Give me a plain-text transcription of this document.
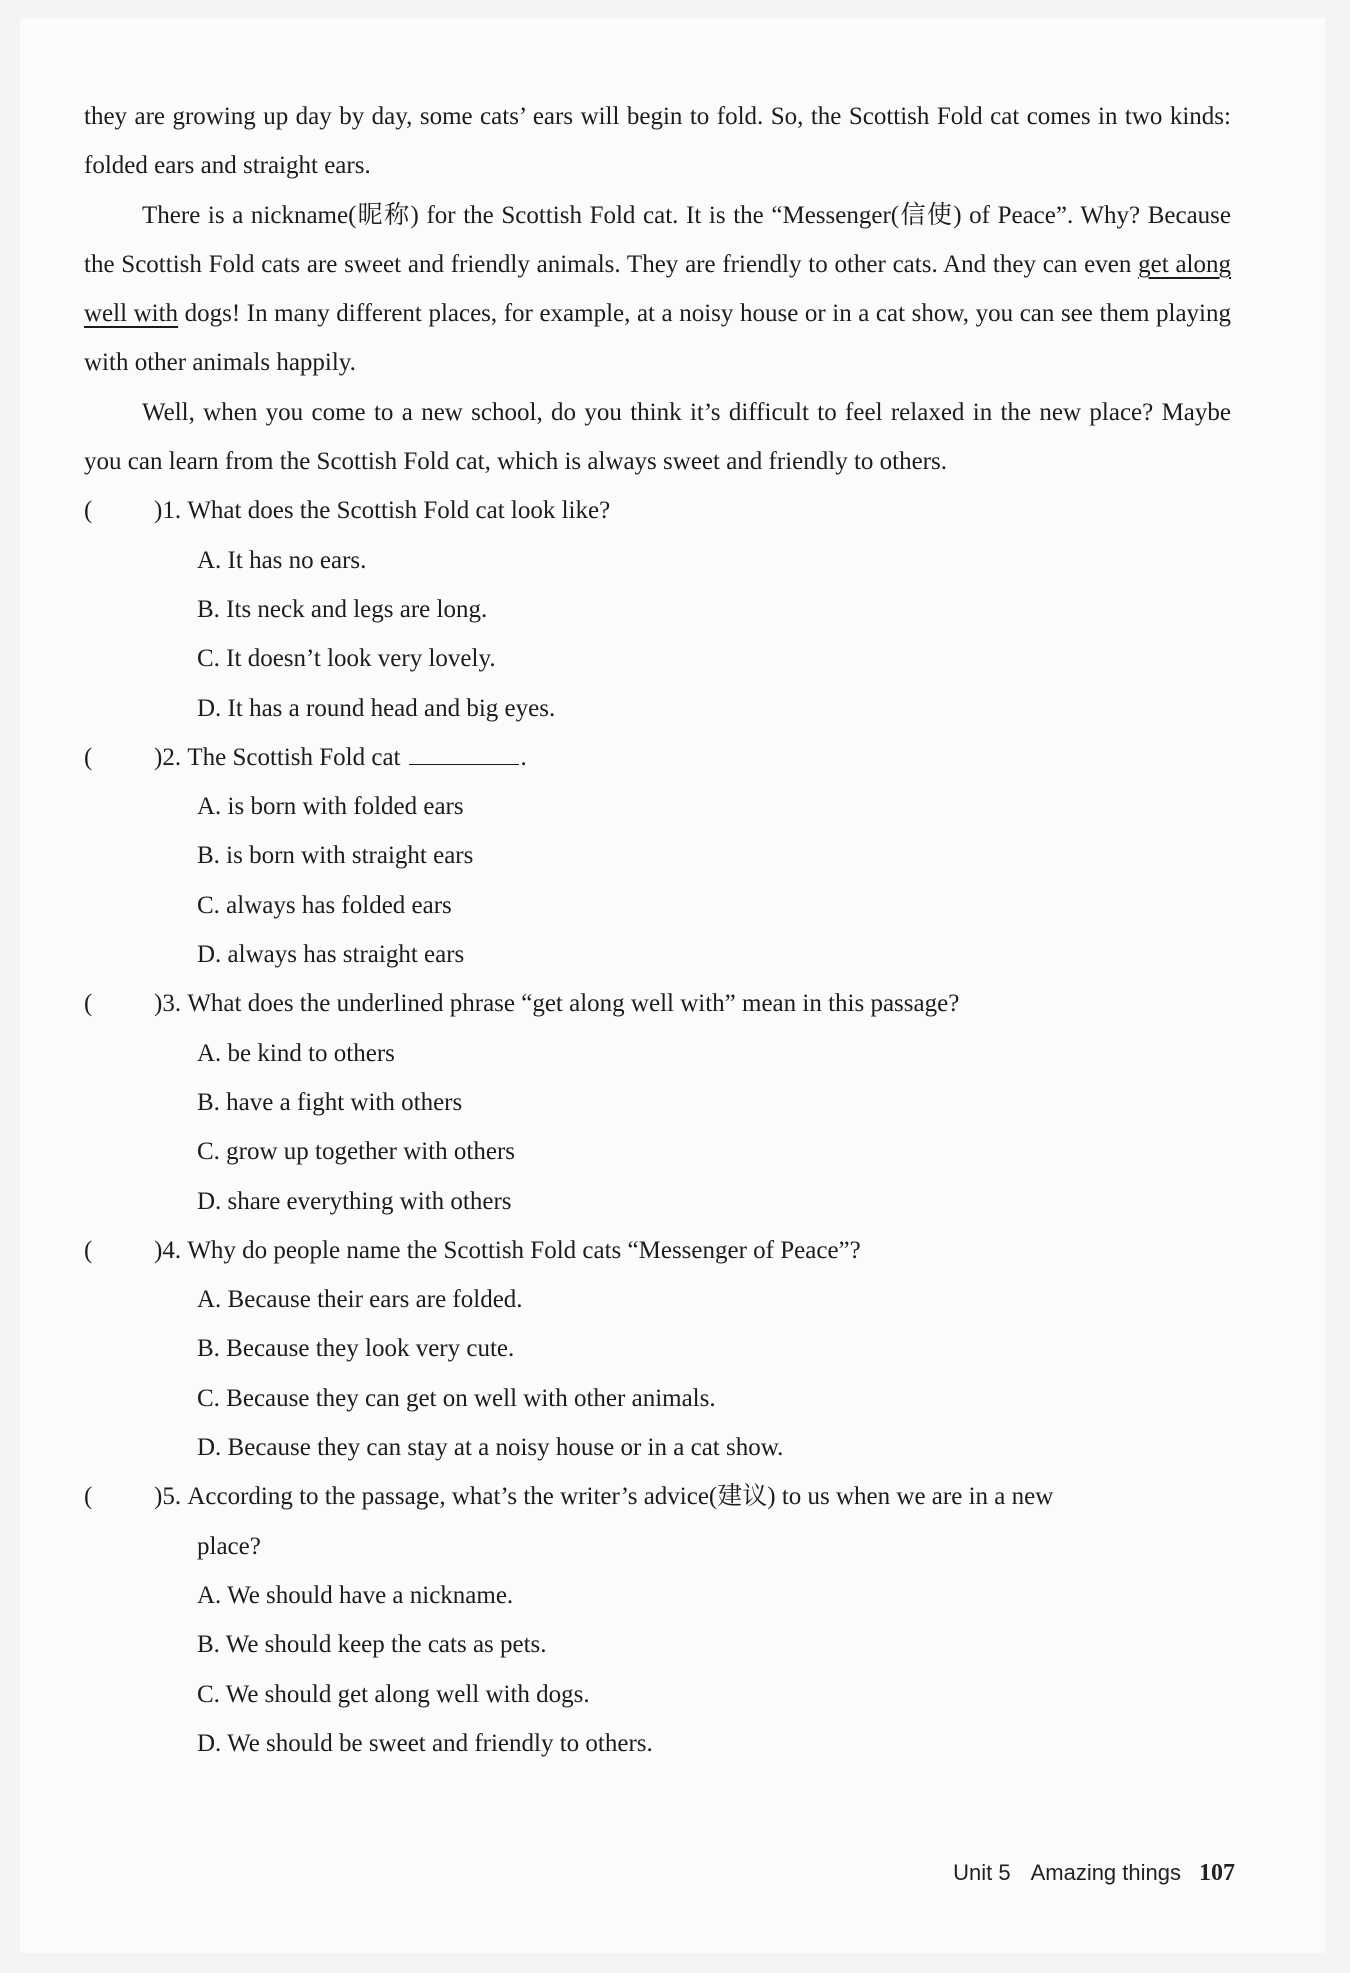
they are growing up day by day, some cats’ ears will begin to fold. So, the Scottish Fold cat comes in two kinds: folded ears and straight ears.

There is a nickname(昵称) for the Scottish Fold cat. It is the “Messenger(信使) of Peace”. Why? Because the Scottish Fold cats are sweet and friendly animals. They are friendly to other cats. And they can even get along well with dogs! In many different places, for example, at a noisy house or in a cat show, you can see them playing with other animals happily.

Well, when you come to a new school, do you think it’s difficult to feel relaxed in the new place? Maybe you can learn from the Scottish Fold cat, which is always sweet and friendly to others.

(	) 1. What does the Scottish Fold cat look like?
A. It has no ears.
B. Its neck and legs are long.
C. It doesn’t look very lovely.
D. It has a round head and big eyes.
(	) 2. The Scottish Fold cat	.
A. is born with folded ears
B. is born with straight ears
C. always has folded ears
D. always has straight ears
(	) 3. What does the underlined phrase “get along well with” mean in this passage?
A. be kind to others
B. have a fight with others
C. grow up together with others
D. share everything with others
(	) 4. Why do people name the Scottish Fold cats “Messenger of Peace”?
A. Because their ears are folded.
B. Because they look very cute.
C. Because they can get on well with other animals.
D. Because they can stay at a noisy house or in a cat show.
(	) 5. According to the passage, what’s the writer’s advice(建议) to us when we are in a new
place?
A. We should have a nickname.
B. We should keep the cats as pets.
C. We should get along well with dogs.
D. We should be sweet and friendly to others.
Unit 5 Amazing things 107
